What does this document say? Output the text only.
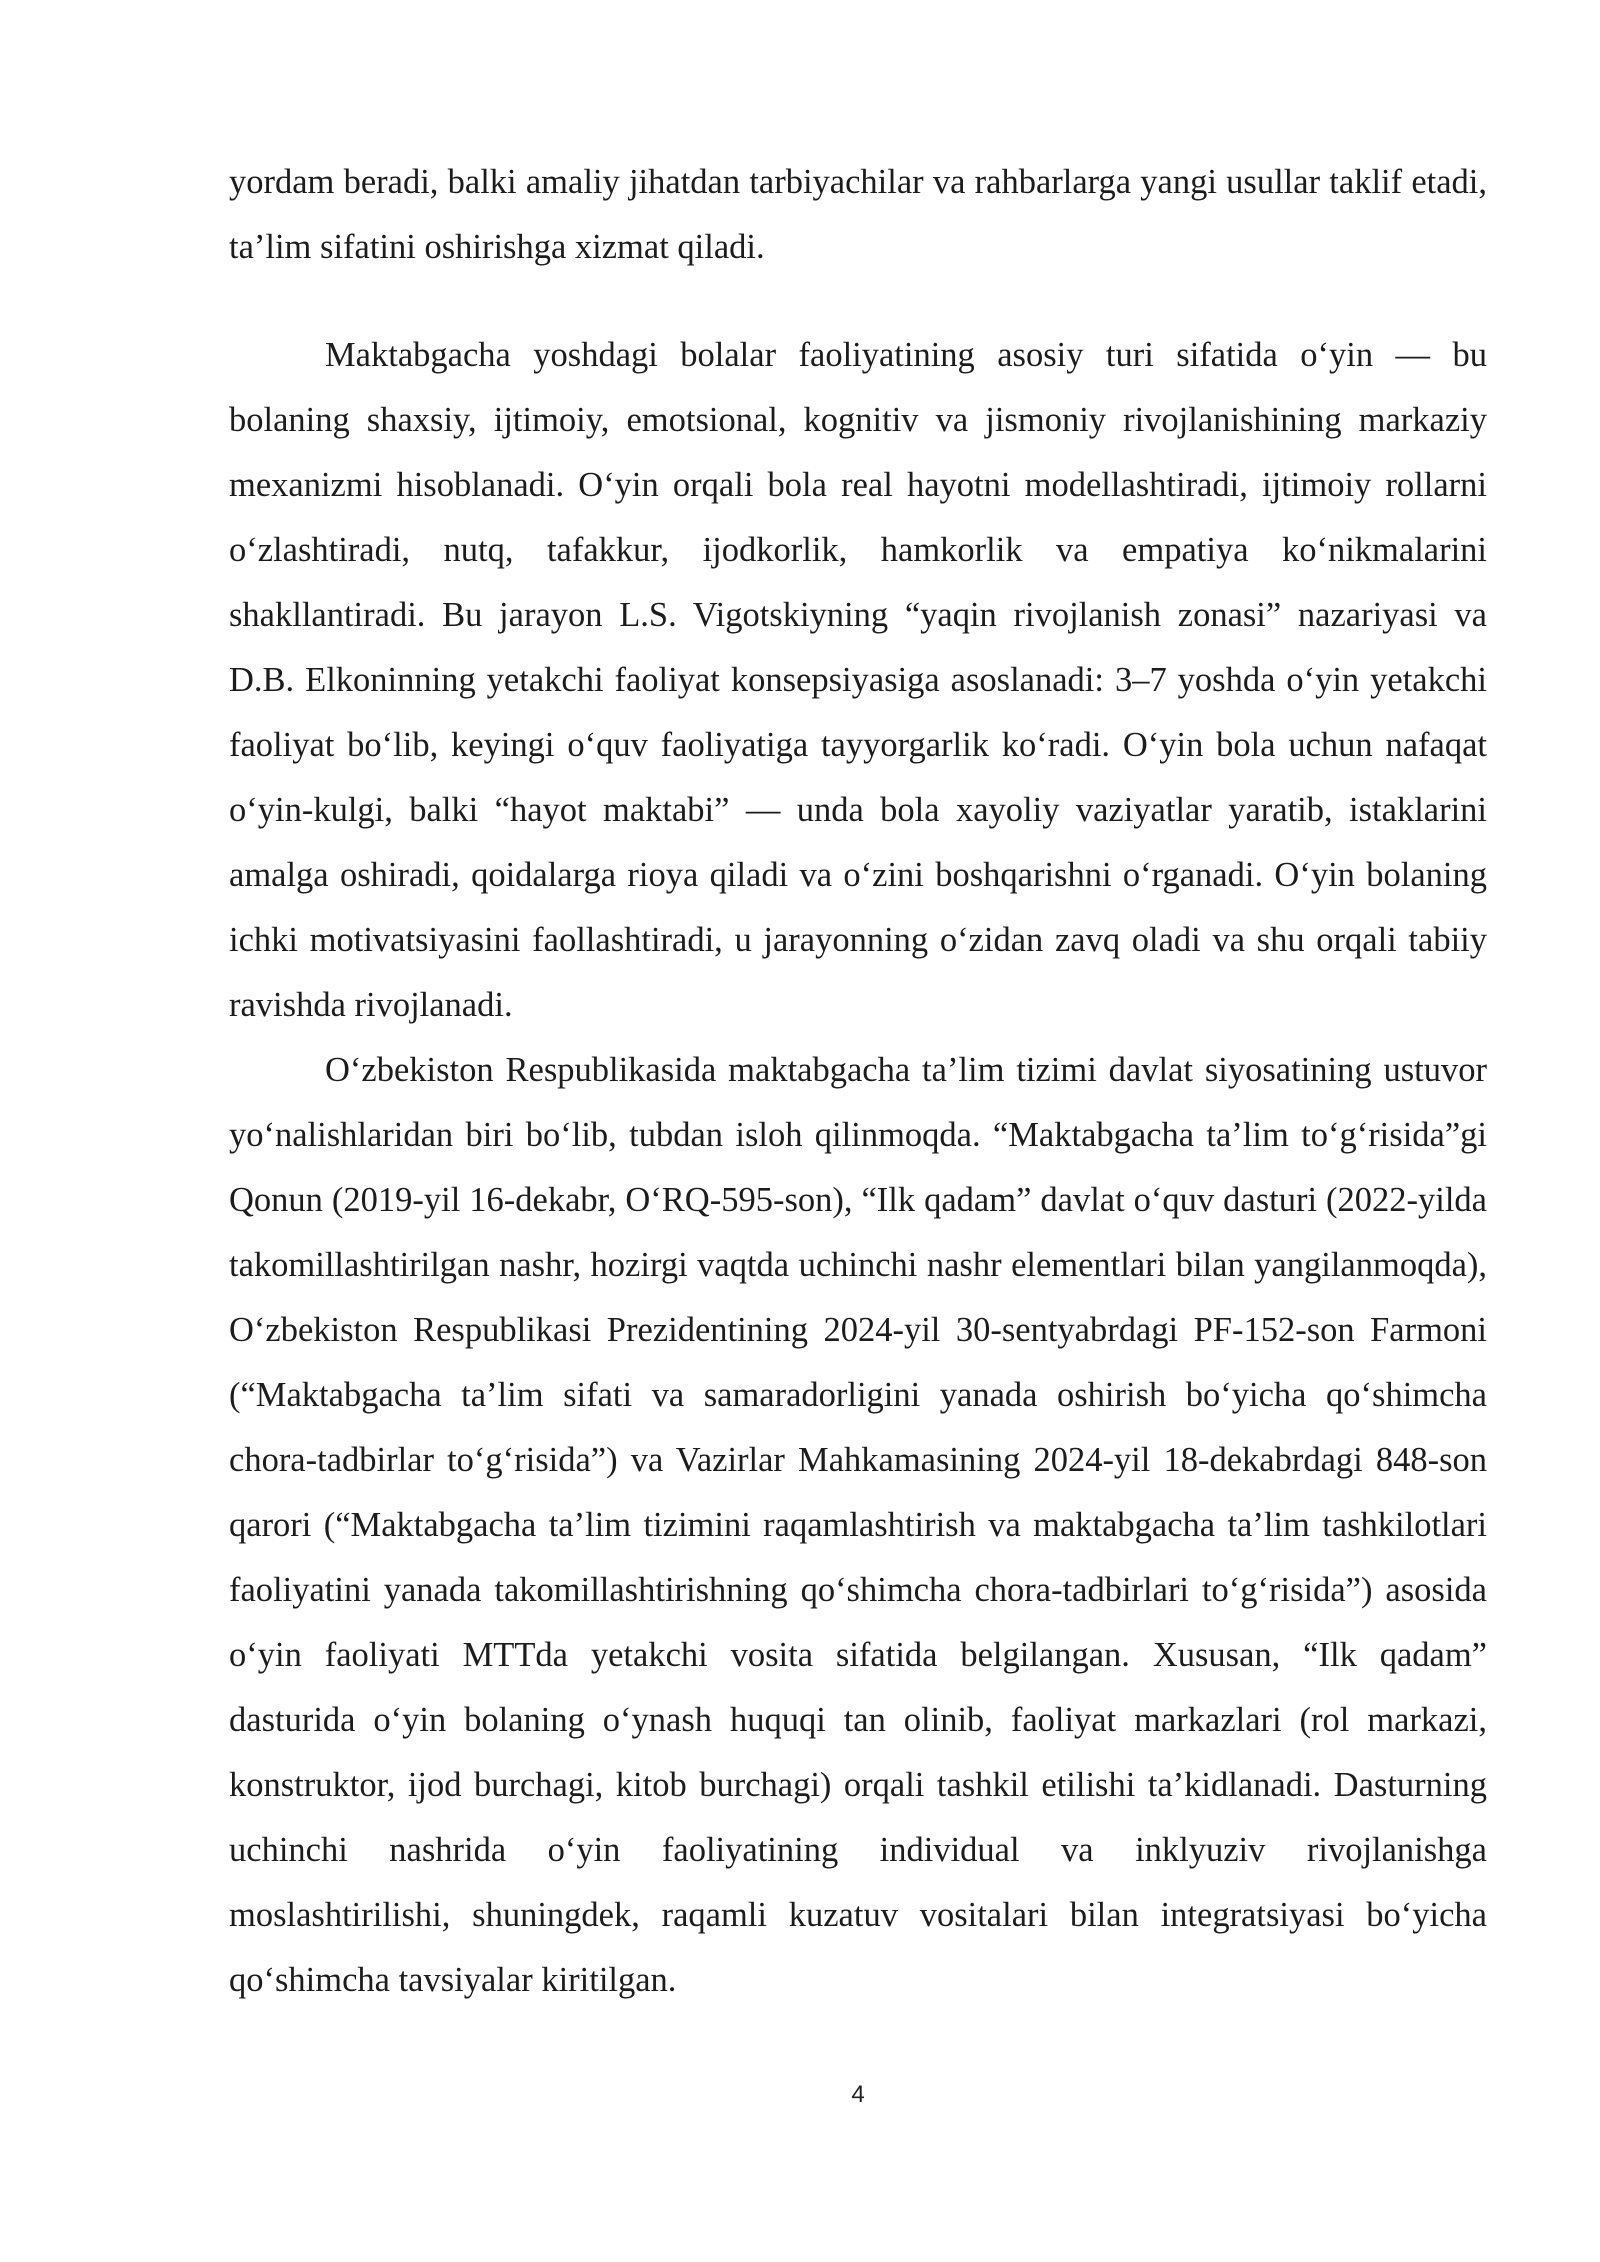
yordam beradi, balki amaliy jihatdan tarbiyachilar va rahbarlarga yangi usullar taklif etadi, ta’lim sifatini oshirishga xizmat qiladi.

Maktabgacha yoshdagi bolalar faoliyatining asosiy turi sifatida o‘yin — bu bolaning shaxsiy, ijtimoiy, emotsional, kognitiv va jismoniy rivojlanishining markaziy mexanizmi hisoblanadi. O‘yin orqali bola real hayotni modellashtiradi, ijtimoiy rollarni o‘zlashtiradi, nutq, tafakkur, ijodkorlik, hamkorlik va empatiya ko‘nikmalarini shakllantiradi. Bu jarayon L.S. Vigotskiyning “yaqin rivojlanish zonasi” nazariyasi va D.B. Elkoninning yetakchi faoliyat konsepsiyasiga asoslanadi: 3–7 yoshda o‘yin yetakchi faoliyat bo‘lib, keyingi o‘quv faoliyatiga tayyorgarlik ko‘radi. O‘yin bola uchun nafaqat o‘yin-kulgi, balki “hayot maktabi” — unda bola xayoliy vaziyatlar yaratib, istaklarini amalga oshiradi, qoidalarga rioya qiladi va o‘zini boshqarishni o‘rganadi. O‘yin bolaning ichki motivatsiyasini faollashtiradi, u jarayonning o‘zidan zavq oladi va shu orqali tabiiy ravishda rivojlanadi.

O‘zbekiston Respublikasida maktabgacha ta’lim tizimi davlat siyosatining ustuvor yo‘nalishlaridan biri bo‘lib, tubdan isloh qilinmoqda. “Maktabgacha ta’lim to‘g‘risida”gi Qonun (2019-yil 16-dekabr, O‘RQ-595-son), “Ilk qadam” davlat o‘quv dasturi (2022-yilda takomillashtirilgan nashr, hozirgi vaqtda uchinchi nashr elementlari bilan yangilanmoqda), O‘zbekiston Respublikasi Prezidentining 2024-yil 30-sentyabrdagi PF-152-son Farmoni (“Maktabgacha ta’lim sifati va samaradorligini yanada oshirish bo‘yicha qo‘shimcha chora-tadbirlar to‘g‘risida”) va Vazirlar Mahkamasining 2024-yil 18-dekabrdagi 848-son qarori (“Maktabgacha ta’lim tizimini raqamlashtirish va maktabgacha ta’lim tashkilotlari faoliyatini yanada takomillashtirishning qo‘shimcha chora-tadbirlari to‘g‘risida”) asosida o‘yin faoliyati MTTda yetakchi vosita sifatida belgilangan. Xususan, “Ilk qadam” dasturida o‘yin bolaning o‘ynash huquqi tan olinib, faoliyat markazlari (rol markazi, konstruktor, ijod burchagi, kitob burchagi) orqali tashkil etilishi ta’kidlanadi. Dasturning uchinchi nashrida o‘yin faoliyatining individual va inklyuziv rivojlanishga moslashtirilishi, shuningdek, raqamli kuzatuv vositalari bilan integratsiyasi bo‘yicha qo‘shimcha tavsiyalar kiritilgan.

4
